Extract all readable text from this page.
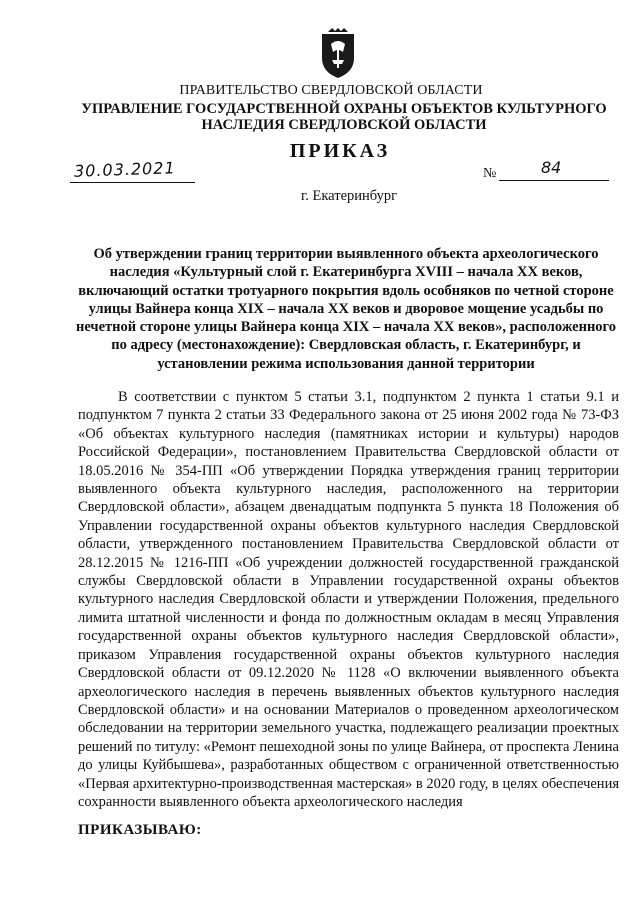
ПРАВИТЕЛЬСТВО СВЕРДЛОВСКОЙ ОБЛАСТИ
УПРАВЛЕНИЕ ГОСУДАРСТВЕННОЙ ОХРАНЫ ОБЪЕКТОВ КУЛЬТУРНОГО НАСЛЕДИЯ СВЕРДЛОВСКОЙ ОБЛАСТИ
ПРИКАЗ
30.03.2021	№	84
г. Екатеринбург
Об утверждении границ территории выявленного объекта археологического наследия «Культурный слой г. Екатеринбурга XVIII – начала XX веков, включающий остатки тротуарного покрытия вдоль особняков по четной стороне улицы Вайнера конца XIX – начала XX веков и дворовое мощение усадьбы по нечетной стороне улицы Вайнера конца XIX – начала XX веков», расположенного по адресу (местонахождение): Свердловская область, г. Екатеринбург, и установлении режима использования данной территории
В соответствии с пунктом 5 статьи 3.1, подпунктом 2 пункта 1 статьи 9.1 и подпунктом 7 пункта 2 статьи 33 Федерального закона от 25 июня 2002 года № 73-ФЗ «Об объектах культурного наследия (памятниках истории и культуры) народов Российской Федерации», постановлением Правительства Свердловской области от 18.05.2016 № 354-ПП «Об утверждении Порядка утверждения границ территории выявленного объекта культурного наследия, расположенного на территории Свердловской области», абзацем двенадцатым подпункта 5 пункта 18 Положения об Управлении государственной охраны объектов культурного наследия Свердловской области, утвержденного постановлением Правительства Свердловской области от 28.12.2015 № 1216-ПП «Об учреждении должностей государственной гражданской службы Свердловской области в Управлении государственной охраны объектов культурного наследия Свердловской области и утверждении Положения, предельного лимита штатной численности и фонда по должностным окладам в месяц Управления государственной охраны объектов культурного наследия Свердловской области», приказом Управления государственной охраны объектов культурного наследия Свердловской области от 09.12.2020 № 1128 «О включении выявленного объекта археологического наследия в перечень выявленных объектов культурного наследия Свердловской области» и на основании Материалов о проведенном археологическом обследовании на территории земельного участка, подлежащего реализации проектных решений по титулу: «Ремонт пешеходной зоны по улице Вайнера, от проспекта Ленина до улицы Куйбышева», разработанных обществом с ограниченной ответственностью «Первая архитектурно-производственная мастерская» в 2020 году, в целях обеспечения сохранности выявленного объекта археологического наследия
ПРИКАЗЫВАЮ:
